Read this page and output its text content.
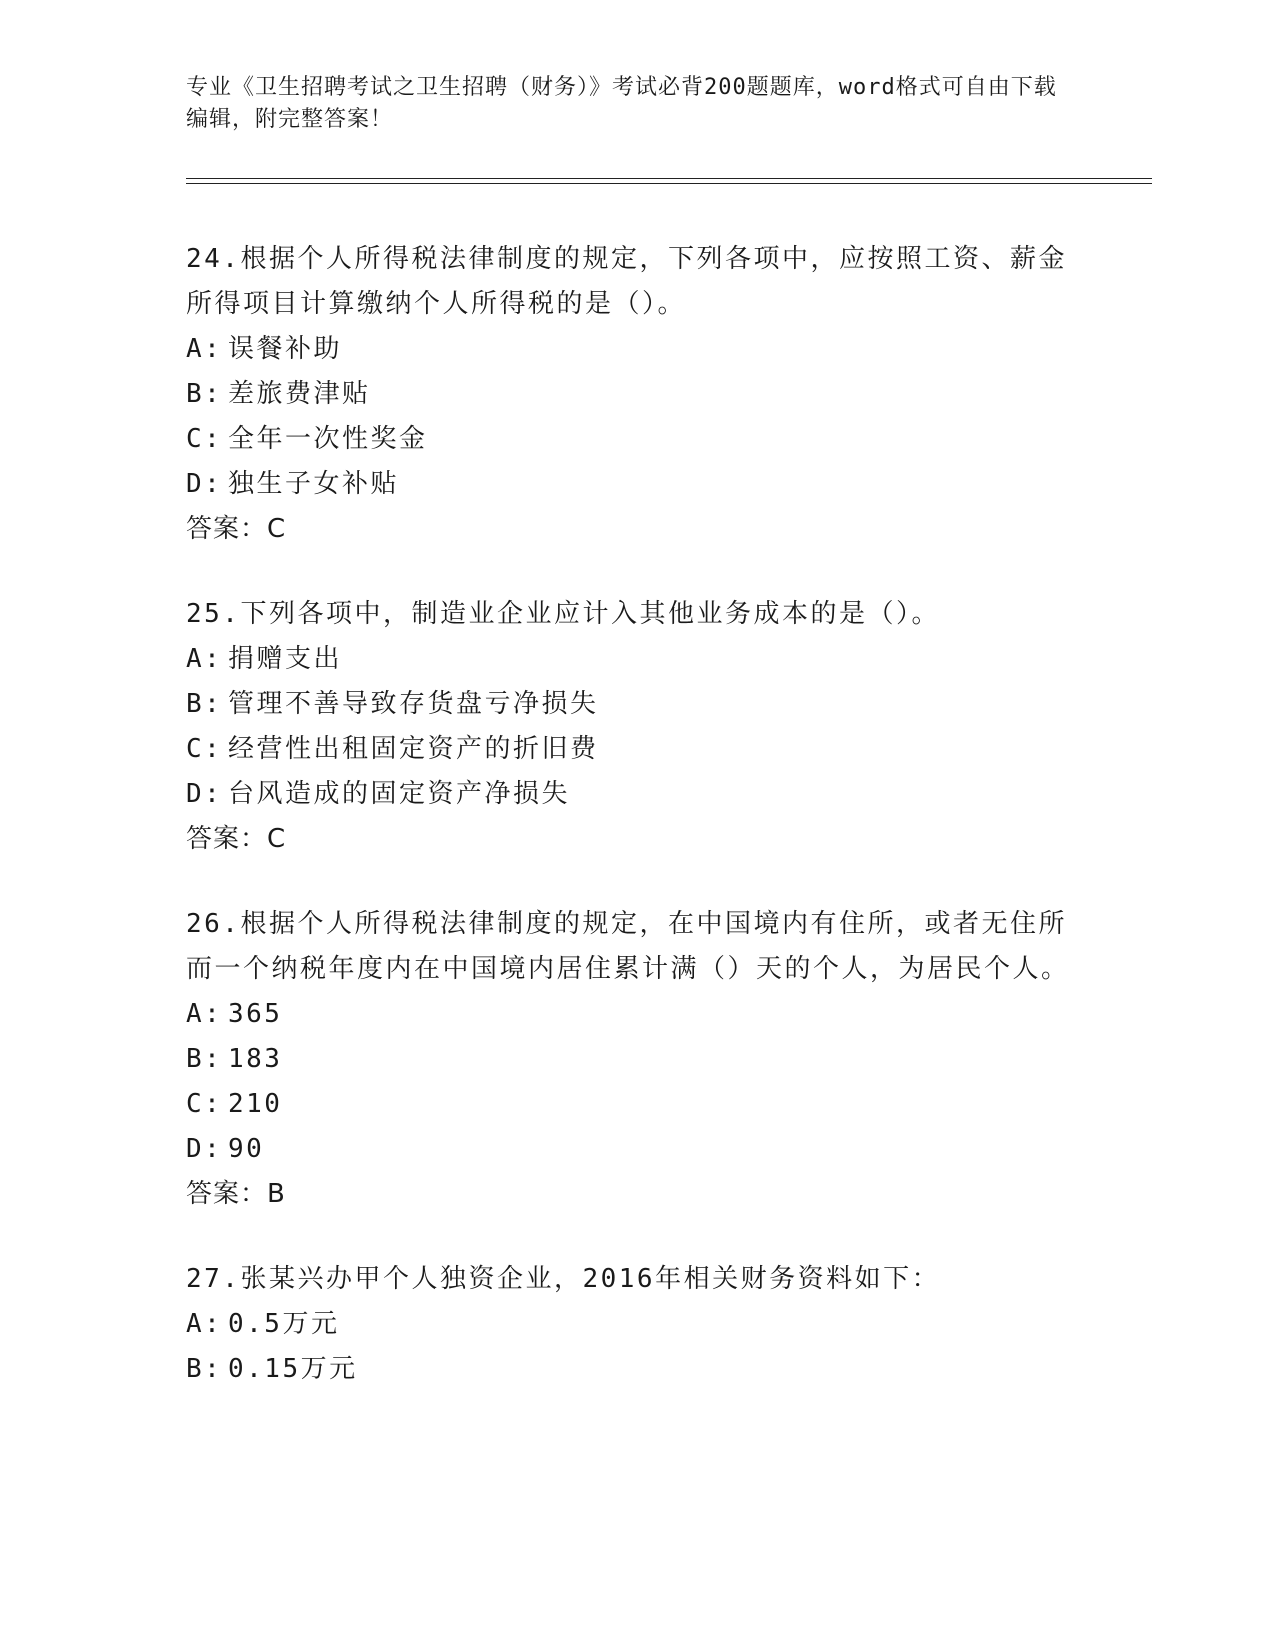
专业《卫生招聘考试之卫生招聘（财务）》考试必背200题题库，word格式可自由下载编辑，附完整答案！

24.根据个人所得税法律制度的规定，下列各项中，应按照工资、薪金所得项目计算缴纳个人所得税的是（）。

A: 误餐补助

B: 差旅费津贴

C: 全年一次性奖金

D: 独生子女补贴

答案：C

25.下列各项中，制造业企业应计入其他业务成本的是（）。

A: 捐赠支出

B: 管理不善导致存货盘亏净损失

C: 经营性出租固定资产的折旧费

D: 台风造成的固定资产净损失

答案：C

26.根据个人所得税法律制度的规定，在中国境内有住所，或者无住所而一个纳税年度内在中国境内居住累计满（）天的个人，为居民个人。

A: 365

B: 183

C: 210

D: 90

答案：B

27.张某兴办甲个人独资企业，2016年相关财务资料如下：

A: 0.5万元

B: 0.15万元
